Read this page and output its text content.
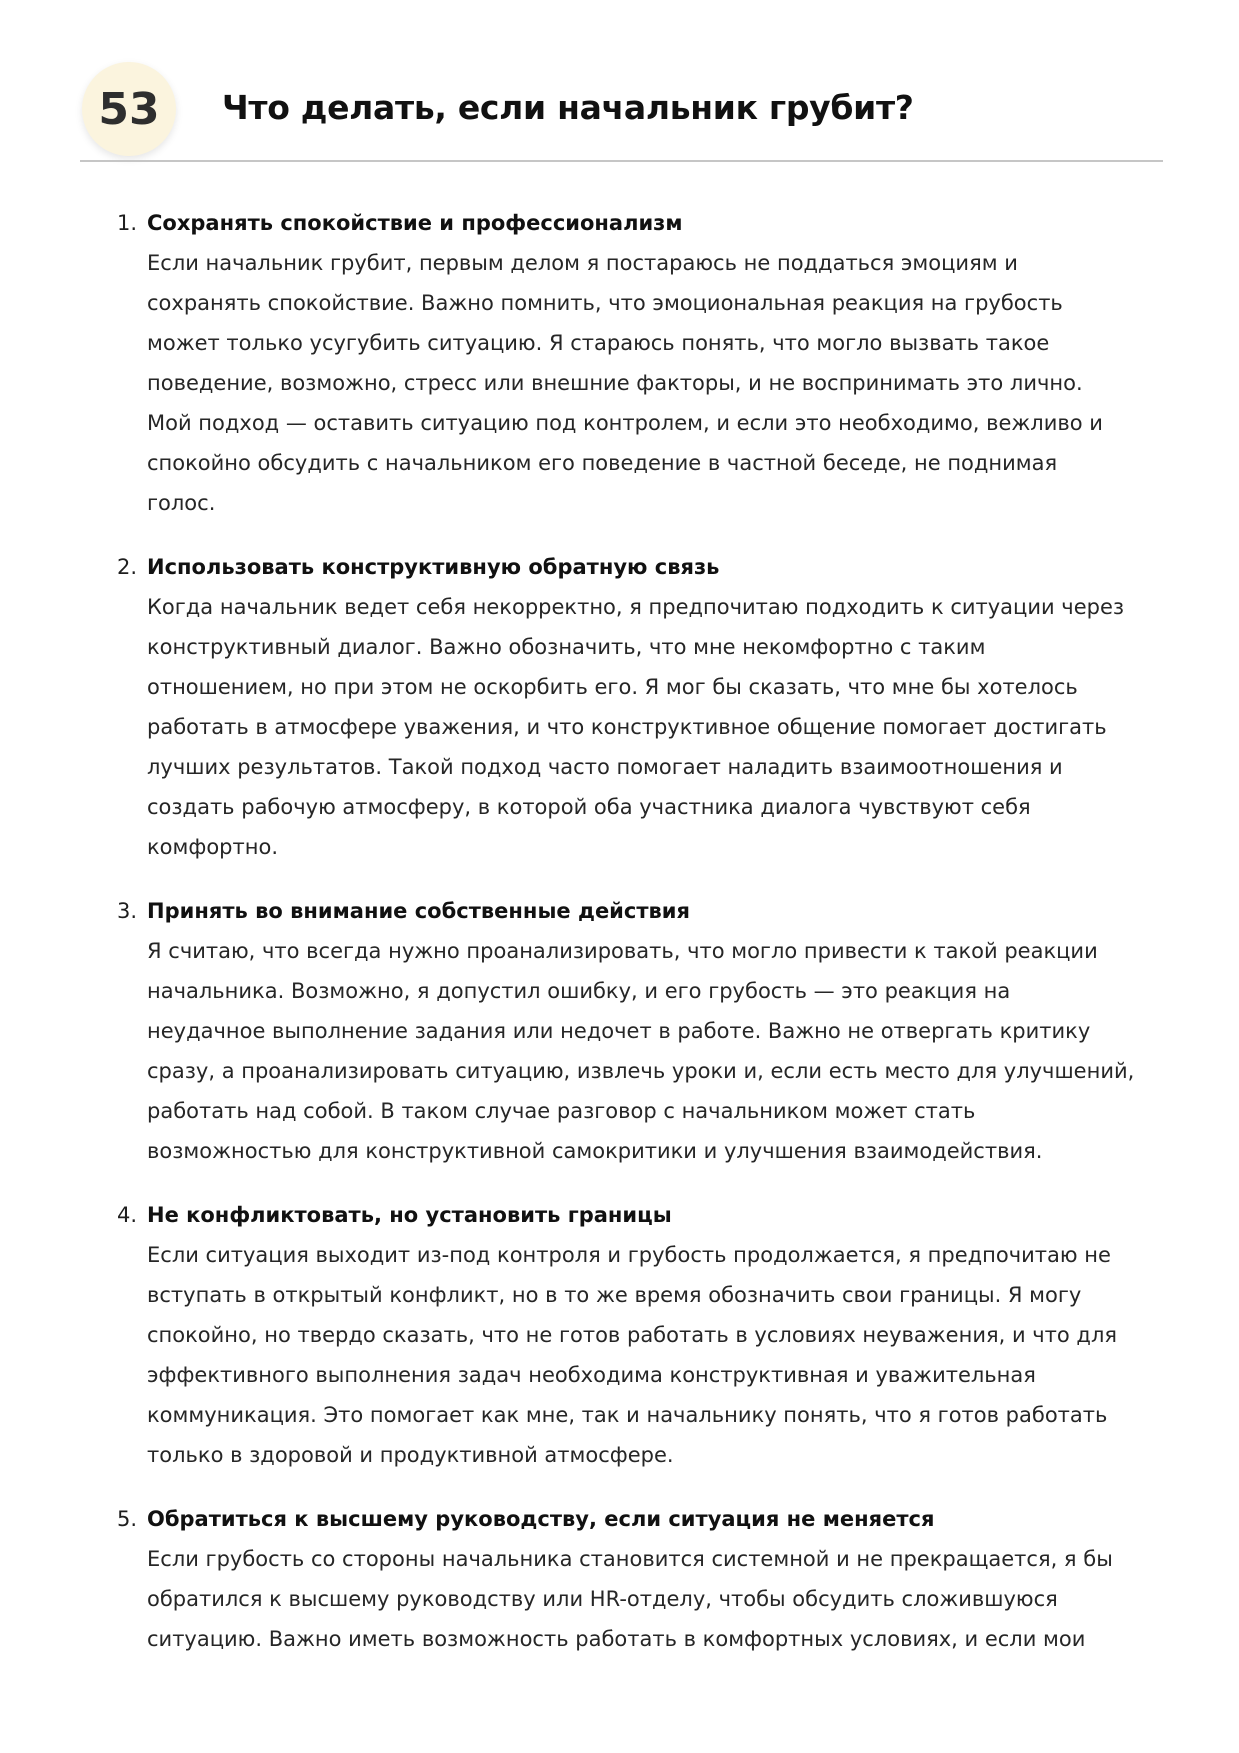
53	Что делать, если начальник грубит?
1. Сохранять спокойствие и профессионализм

Если начальник грубит, первым делом я постараюсь не поддаться эмоциям и
сохранять спокойствие. Важно помнить, что эмоциональная реакция на грубость
может только усугубить ситуацию. Я стараюсь понять, что могло вызвать такое
поведение, возможно, стресс или внешние факторы, и не воспринимать это лично.
Мой подход — оставить ситуацию под контролем, и если это необходимо, вежливо и
спокойно обсудить с начальником его поведение в частной беседе, не поднимая
голос.

2. Использовать конструктивную обратную связь

Когда начальник ведет себя некорректно, я предпочитаю подходить к ситуации через
конструктивный диалог. Важно обозначить, что мне некомфортно с таким
отношением, но при этом не оскорбить его. Я мог бы сказать, что мне бы хотелось
работать в атмосфере уважения, и что конструктивное общение помогает достигать
лучших результатов. Такой подход часто помогает наладить взаимоотношения и
создать рабочую атмосферу, в которой оба участника диалога чувствуют себя
комфортно.

3. Принять во внимание собственные действия

Я считаю, что всегда нужно проанализировать, что могло привести к такой реакции
начальника. Возможно, я допустил ошибку, и его грубость — это реакция на
неудачное выполнение задания или недочет в работе. Важно не отвергать критику
сразу, а проанализировать ситуацию, извлечь уроки и, если есть место для улучшений,
работать над собой. В таком случае разговор с начальником может стать
возможностью для конструктивной самокритики и улучшения взаимодействия.

4. Не конфликтовать, но установить границы

Если ситуация выходит из-под контроля и грубость продолжается, я предпочитаю не
вступать в открытый конфликт, но в то же время обозначить свои границы. Я могу
спокойно, но твердо сказать, что не готов работать в условиях неуважения, и что для
эффективного выполнения задач необходима конструктивная и уважительная
коммуникация. Это помогает как мне, так и начальнику понять, что я готов работать
только в здоровой и продуктивной атмосфере.

5. Обратиться к высшему руководству, если ситуация не меняется

Если грубость со стороны начальника становится системной и не прекращается, я бы
обратился к высшему руководству или HR-отделу, чтобы обсудить сложившуюся
ситуацию. Важно иметь возможность работать в комфортных условиях, и если мои
